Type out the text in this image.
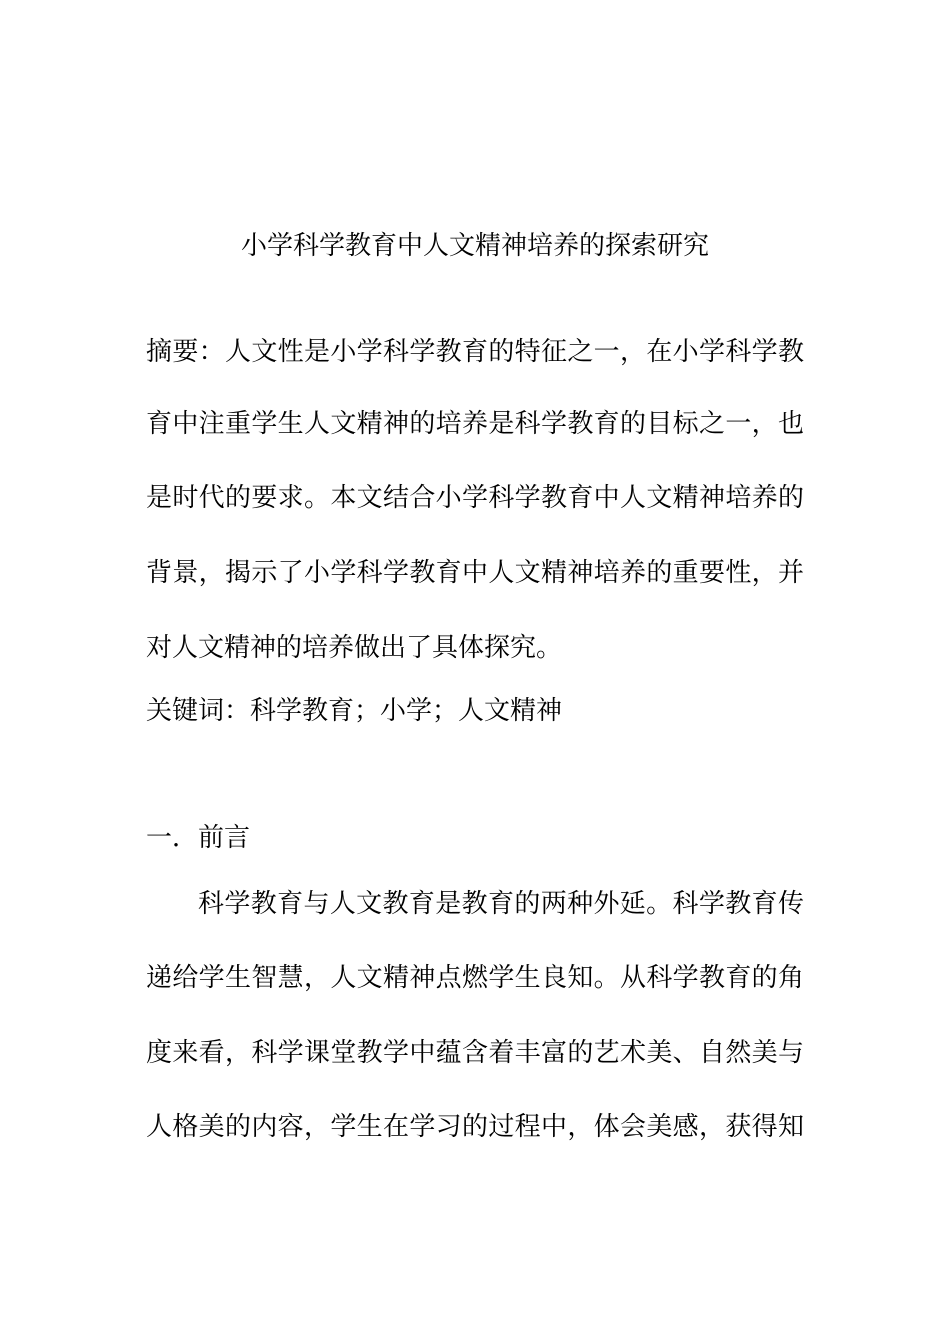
小学科学教育中人文精神培养的探索研究
摘要：人文性是小学科学教育的特征之一，在小学科学教
育中注重学生人文精神的培养是科学教育的目标之一，也
是时代的要求。本文结合小学科学教育中人文精神培养的
背景，揭示了小学科学教育中人文精神培养的重要性，并
对人文精神的培养做出了具体探究。
关键词：科学教育；小学；人文精神
一．前言
科学教育与人文教育是教育的两种外延。科学教育传
递给学生智慧，人文精神点燃学生良知。从科学教育的角
度来看，科学课堂教学中蕴含着丰富的艺术美、自然美与
人格美的内容，学生在学习的过程中，体会美感，获得知
